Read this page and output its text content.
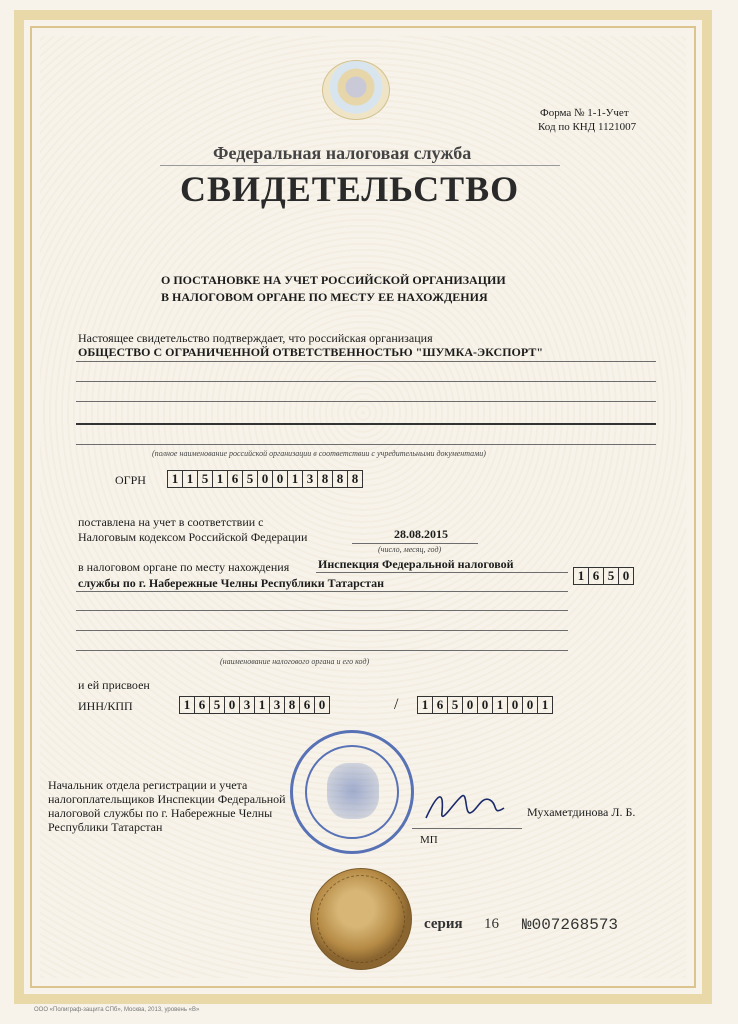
Форма № 1-1-Учет
Код по КНД 1121007
Федеральная налоговая служба
СВИДЕТЕЛЬСТВО
О ПОСТАНОВКЕ НА УЧЕТ РОССИЙСКОЙ ОРГАНИЗАЦИИ
В НАЛОГОВОМ ОРГАНЕ ПО МЕСТУ ЕЕ НАХОЖДЕНИЯ
Настоящее свидетельство подтверждает, что российская организация
ОБЩЕСТВО С ОГРАНИЧЕННОЙ ОТВЕТСТВЕННОСТЬЮ "ШУМКА-ЭКСПОРТ"
(полное наименование российской организации в соответствии с учредительными документами)
ОГРН	1 1 5 1 6 5 0 0 1 3 8 8 8
поставлена на учет в соответствии с
Налоговым кодексом Российской Федерации	28.08.2015
(число, месяц, год)
в налоговом органе по месту нахождения Инспекция Федеральной налоговой
службы по г. Набережные Челны Республики Татарстан	1 6 5 0
(наименование налогового органа и его код)
и ей присвоен
ИНН/КПП	1 6 5 0 3 1 3 8 6 0	/	1 6 5 0 0 1 0 0 1
Начальник отдела регистрации и учета
налогоплательщиков Инспекции Федеральной
налоговой службы по г. Набережные Челны
Республики Татарстан
МП
Мухаметдинова Л. Б.
серия 16 №007268573
ООО «Полиграф-защита СПб», Москва, 2013, уровень «В»
